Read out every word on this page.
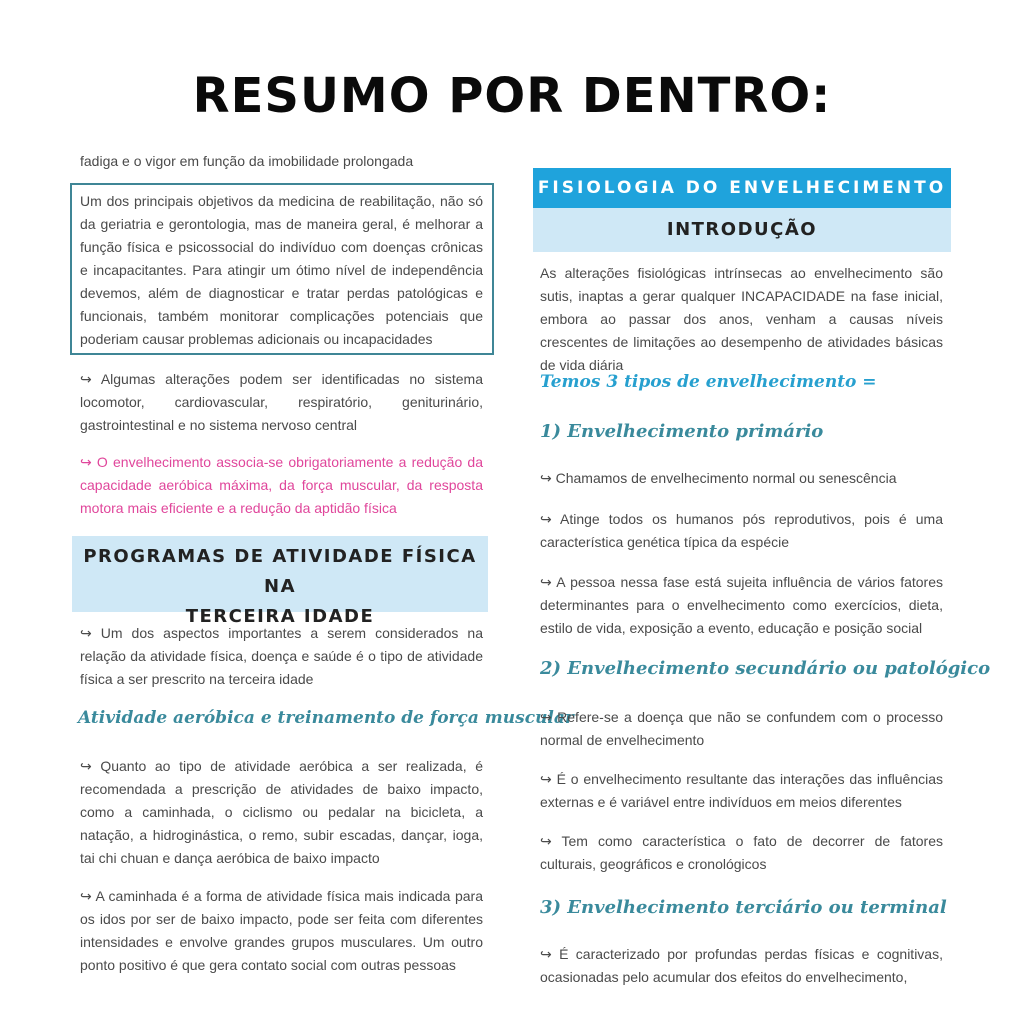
RESUMO POR DENTRO:

fadiga e o vigor em função da imobilidade prolongada

Um dos principais objetivos da medicina de reabilitação, não só da geriatria e gerontologia, mas de maneira geral, é melhorar a função física e psicossocial do indivíduo com doenças crônicas e incapacitantes. Para atingir um ótimo nível de independência devemos, além de diagnosticar e tratar perdas patológicas e funcionais, também monitorar complicações potenciais que poderiam causar problemas adicionais ou incapacidades

↪ Algumas alterações podem ser identificadas no sistema locomotor, cardiovascular, respiratório, geniturinário, gastrointestinal e no sistema nervoso central

↪ O envelhecimento associa-se obrigatoriamente a redução da capacidade aeróbica máxima, da força muscular, da resposta motora mais eficiente e a redução da aptidão física

PROGRAMAS DE ATIVIDADE FÍSICA NA
TERCEIRA IDADE

↪ Um dos aspectos importantes a serem considerados na relação da atividade física, doença e saúde é o tipo de atividade física a ser prescrito na terceira idade

Atividade aeróbica e treinamento de força muscular

↪ Quanto ao tipo de atividade aeróbica a ser realizada, é recomendada a prescrição de atividades de baixo impacto, como a caminhada, o ciclismo ou pedalar na bicicleta, a natação, a hidroginástica, o remo, subir escadas, dançar, ioga, tai chi chuan e dança aeróbica de baixo impacto

↪ A caminhada é a forma de atividade física mais indicada para os idos por ser de baixo impacto, pode ser feita com diferentes intensidades e envolve grandes grupos musculares. Um outro ponto positivo é que gera contato social com outras pessoas

FISIOLOGIA DO ENVELHECIMENTO
INTRODUÇÃO

As alterações fisiológicas intrínsecas ao envelhecimento são sutis, inaptas a gerar qualquer INCAPACIDADE na fase inicial, embora ao passar dos anos, venham a causas níveis crescentes de limitações ao desempenho de atividades básicas de vida diária

Temos 3 tipos de envelhecimento =
1) Envelhecimento primário

↪ Chamamos de envelhecimento normal ou senescência

↪ Atinge todos os humanos pós reprodutivos, pois é uma característica genética típica da espécie

↪ A pessoa nessa fase está sujeita influência de vários fatores determinantes para o envelhecimento como exercícios, dieta, estilo de vida, exposição a evento, educação e posição social

2) Envelhecimento secundário ou patológico

↪ Refere-se a doença que não se confundem com o processo normal de envelhecimento

↪ É o envelhecimento resultante das interações das influências externas e é variável entre indivíduos em meios diferentes

↪ Tem como característica o fato de decorrer de fatores culturais, geográficos e cronológicos

3) Envelhecimento terciário ou terminal

↪ É caracterizado por profundas perdas físicas e cognitivas, ocasionadas pelo acumular dos efeitos do envelhecimento,
